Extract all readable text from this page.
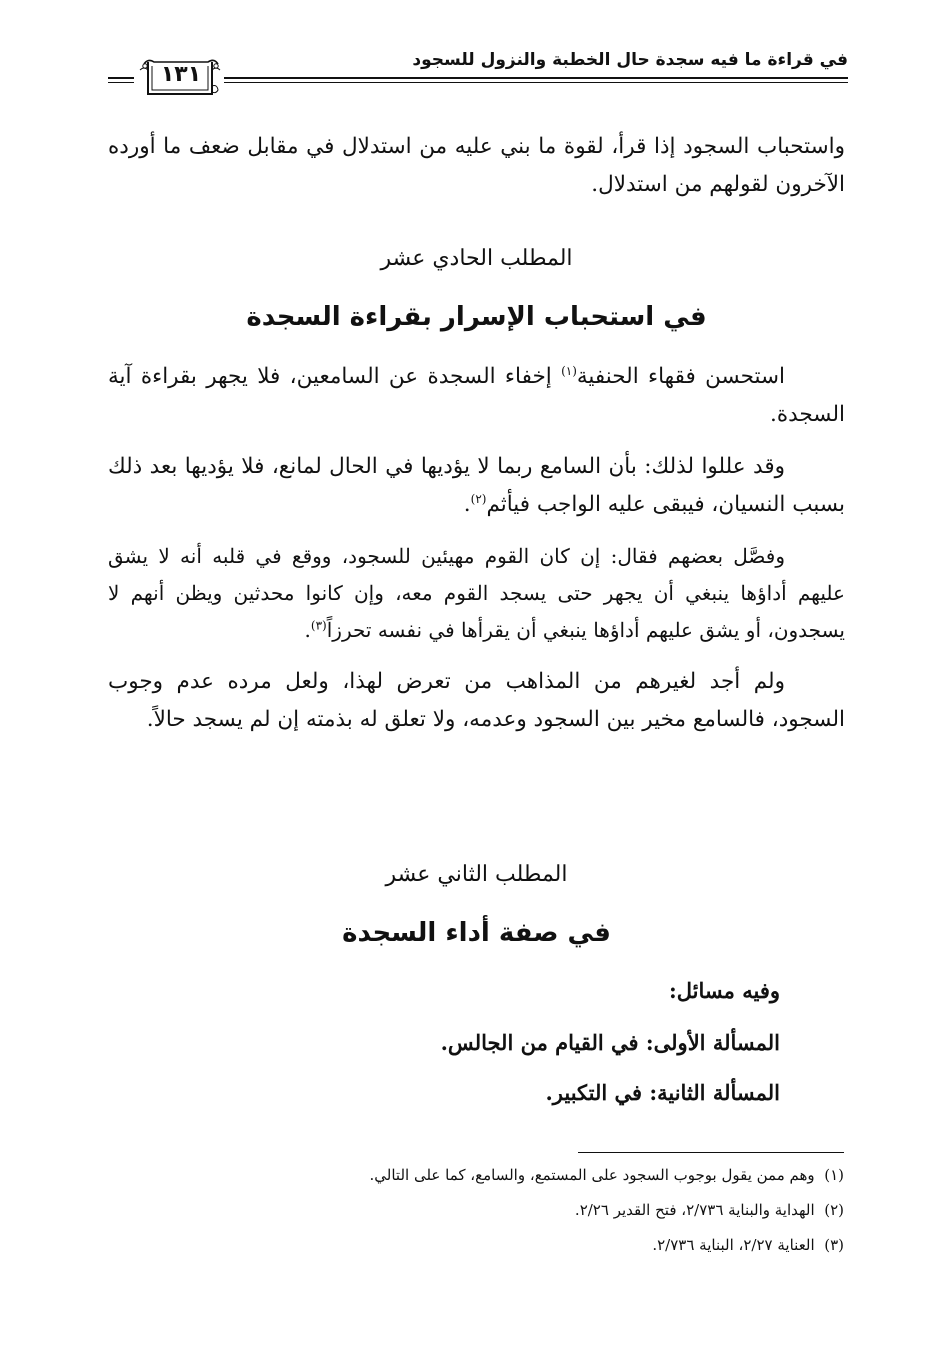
١٣١
في قراءة ما فيه سجدة حال الخطبة والنزول للسجود

واستحباب السجود إذا قرأ، لقوة ما بني عليه من استدلال في مقابل ضعف ما أورده الآخرون لقولهم من استدلال.

المطلب الحادي عشر
في استحباب الإسرار بقراءة السجدة

استحسن فقهاء الحنفية$^{(١)}$ إخفاء السجدة عن السامعين، فلا يجهر بقراءة آية السجدة.

وقد عللوا لذلك: بأن السامع ربما لا يؤديها في الحال لمانع، فلا يؤديها بعد ذلك بسبب النسيان، فيبقى عليه الواجب فيأثم$^{(٢)}$.

وفصَّل بعضهم فقال: إن كان القوم مهيئين للسجود، ووقع في قلبه أنه لا يشق عليهم أداؤها ينبغي أن يجهر حتى يسجد القوم معه، وإن كانوا محدثين ويظن أنهم لا يسجدون، أو يشق عليهم أداؤها ينبغي أن يقرأها في نفسه تحرزاً$^{(٣)}$.

ولم أجد لغيرهم من المذاهب من تعرض لهذا، ولعل مرده عدم وجوب السجود، فالسامع مخير بين السجود وعدمه، ولا تعلق له بذمته إن لم يسجد حالاً.

المطلب الثاني عشر
في صفة أداء السجدة
وفيه مسائل:
المسألة الأولى: في القيام من الجالس.
المسألة الثانية: في التكبير.
(١)  وهم ممن يقول بوجوب السجود على المستمع، والسامع، كما على التالي.
(٢)  الهداية والبناية ٢/٧٣٦، فتح القدير ٢/٢٦.
(٣)  العناية ٢/٢٧، البناية ٢/٧٣٦.
